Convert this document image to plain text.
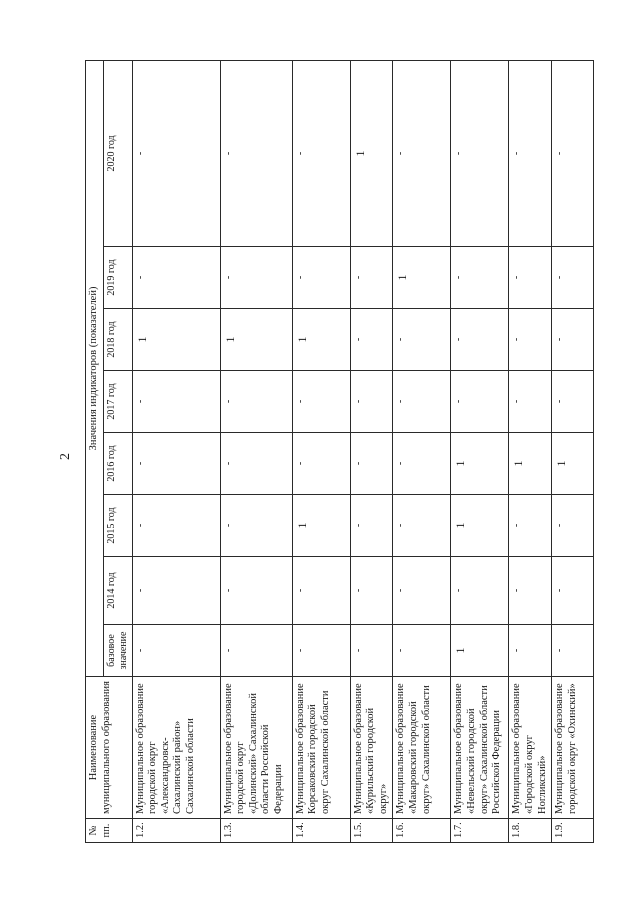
2
№ пп.	Наименование муниципального образования	Значения индикаторов (показателей)							
		базовое значение	2014 год	2015 год	2016 год	2017 год	2018 год	2019 год	2020 год
1.2.	Муниципальное образование городской округ «Александровск-Сахалинский район» Сахалинской области	-	-	-	-	-	1	-	-
1.3.	Муниципальное образование городской округ «Долинский» Сахалинской области Российской Федерации	-	-	-	-	-	1	-	-
1.4.	Муниципальное образование Корсаковский городской округ Сахалинской области	-	-	1	-	-	1	-	-
1.5.	Муниципальное образование «Курильский городской округ»	-	-	-	-	-	-	-	1
1.6.	Муниципальное образование «Макаровский городской округ» Сахалинской области	-	-	-	-	-	-	1	-
1.7.	Муниципальное образование «Невельский городской округ» Сахалинской области Российской Федерации	1	-	1	1	-	-	-	-
1.8.	Муниципальное образование «Городской округ Ногликский»	-	-	-	1	-	-	-	-
1.9.	Муниципальное образование городской округ «Охинский»	-	-	-	1	-	-	-	-
